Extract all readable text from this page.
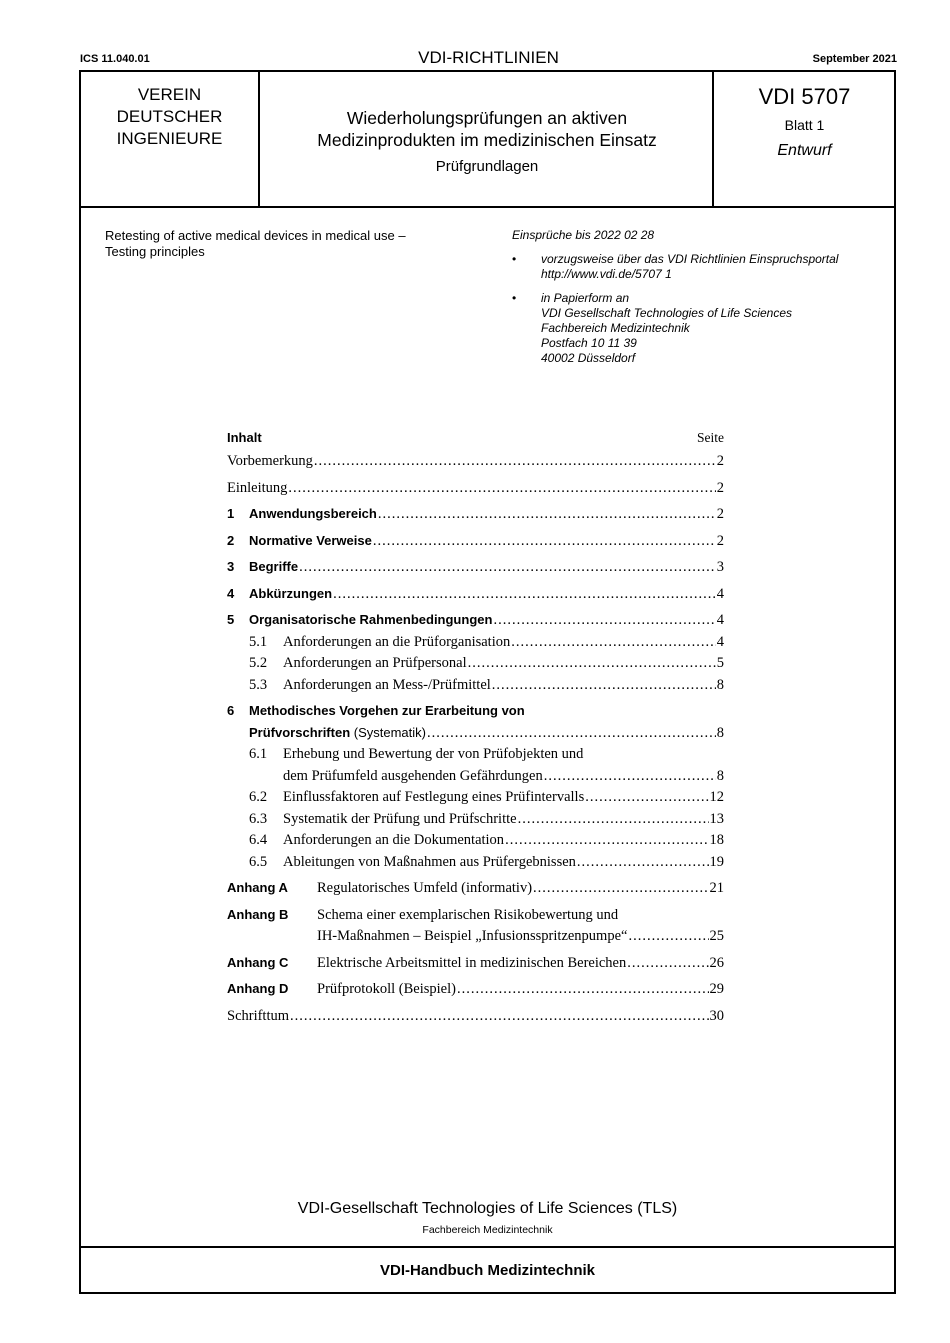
ICS 11.040.01	VDI-RICHTLINIEN	September 2021
VEREIN
DEUTSCHER
INGENIEURE
Wiederholungsprüfungen an aktiven
Medizinprodukten im medizinischen Einsatz
Prüfgrundlagen
VDI 5707
Blatt 1
Entwurf
Retesting of active medical devices in medical use – Testing principles
Einsprüche bis 2022 02 28
• vorzugsweise über das VDI Richtlinien Einspruchsportal
http://www.vdi.de/5707 1
• in Papierform an
VDI Gesellschaft Technologies of Life Sciences
Fachbereich Medizintechnik
Postfach 10 11 39
40002 Düsseldorf
Inhalt	Seite
Vorbemerkung .....	2
Einleitung .....	2
1	Anwendungsbereich .....	2
2	Normative Verweise .....	2
3	Begriffe .....	3
4	Abkürzungen .....	4
5	Organisatorische Rahmenbedingungen .....	4
5.1	Anforderungen an die Prüforganisation .....	4
5.2	Anforderungen an Prüfpersonal .....	5
5.3	Anforderungen an Mess-/Prüfmittel .....	8
6	Methodisches Vorgehen zur Erarbeitung von
Prüfvorschriften (Systematik) .....	8
6.1	Erhebung und Bewertung der von Prüfobjekten und
dem Prüfumfeld ausgehenden Gefährdungen .....	8
6.2	Einflussfaktoren auf Festlegung eines Prüfintervalls .....	12
6.3	Systematik der Prüfung und Prüfschritte .....	13
6.4	Anforderungen an die Dokumentation .....	18
6.5	Ableitungen von Maßnahmen aus Prüfergebnissen .....	19
Anhang A	Regulatorisches Umfeld (informativ) .....	21
Anhang B	Schema einer exemplarischen Risikobewertung und
IH-Maßnahmen – Beispiel „Infusionsspritzenpumpe“ .....	25
Anhang C	Elektrische Arbeitsmittel in medizinischen Bereichen .....	26
Anhang D	Prüfprotokoll (Beispiel) .....	29
Schrifttum .....	30
VDI-Gesellschaft Technologies of Life Sciences (TLS)
Fachbereich Medizintechnik
VDI-Handbuch Medizintechnik
